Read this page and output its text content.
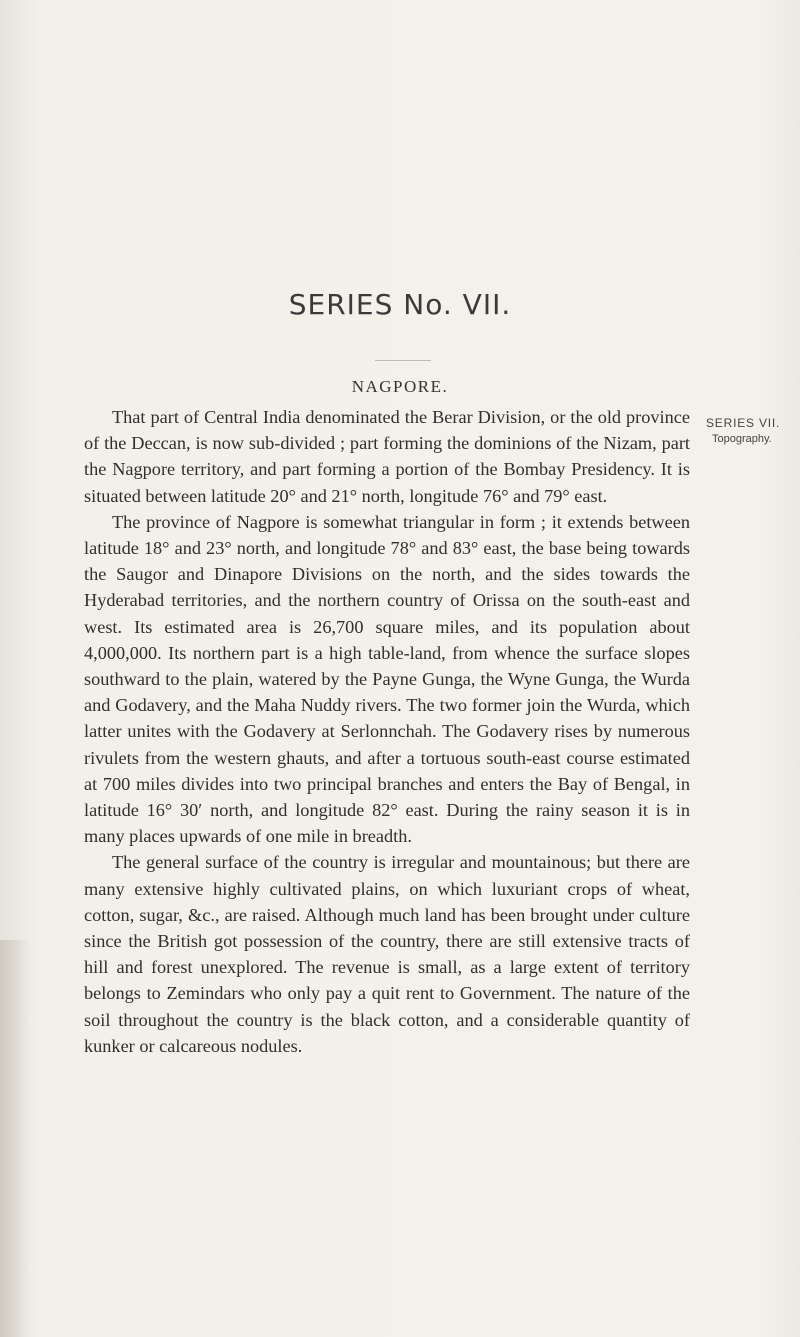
SERIES No. VII.
NAGPORE.
SERIES VII.
Topography.

That part of Central India denominated the Berar Division, or the old province of the Deccan, is now sub-divided ; part forming the dominions of the Nizam, part the Nagpore territory, and part forming a portion of the Bombay Presidency. It is situated between latitude 20° and 21° north, longitude 76° and 79° east.

The province of Nagpore is somewhat triangular in form ; it extends between latitude 18° and 23° north, and longitude 78° and 83° east, the base being towards the Saugor and Dinapore Divisions on the north, and the sides towards the Hyderabad territories, and the northern country of Orissa on the south-east and west. Its estimated area is 26,700 square miles, and its population about 4,000,000. Its northern part is a high table-land, from whence the surface slopes southward to the plain, watered by the Payne Gunga, the Wyne Gunga, the Wurda and Godavery, and the Maha Nuddy rivers. The two former join the Wurda, which latter unites with the Godavery at Serlonnchah. The Godavery rises by numerous rivulets from the western ghauts, and after a tortuous south-east course estimated at 700 miles divides into two principal branches and enters the Bay of Bengal, in latitude 16° 30′ north, and longitude 82° east. During the rainy season it is in many places upwards of one mile in breadth.

The general surface of the country is irregular and mountainous; but there are many extensive highly cultivated plains, on which luxuriant crops of wheat, cotton, sugar, &c., are raised. Although much land has been brought under culture since the British got possession of the country, there are still extensive tracts of hill and forest unexplored. The revenue is small, as a large extent of territory belongs to Zemindars who only pay a quit rent to Government. The nature of the soil throughout the country is the black cotton, and a considerable quantity of kunker or calcareous nodules.
